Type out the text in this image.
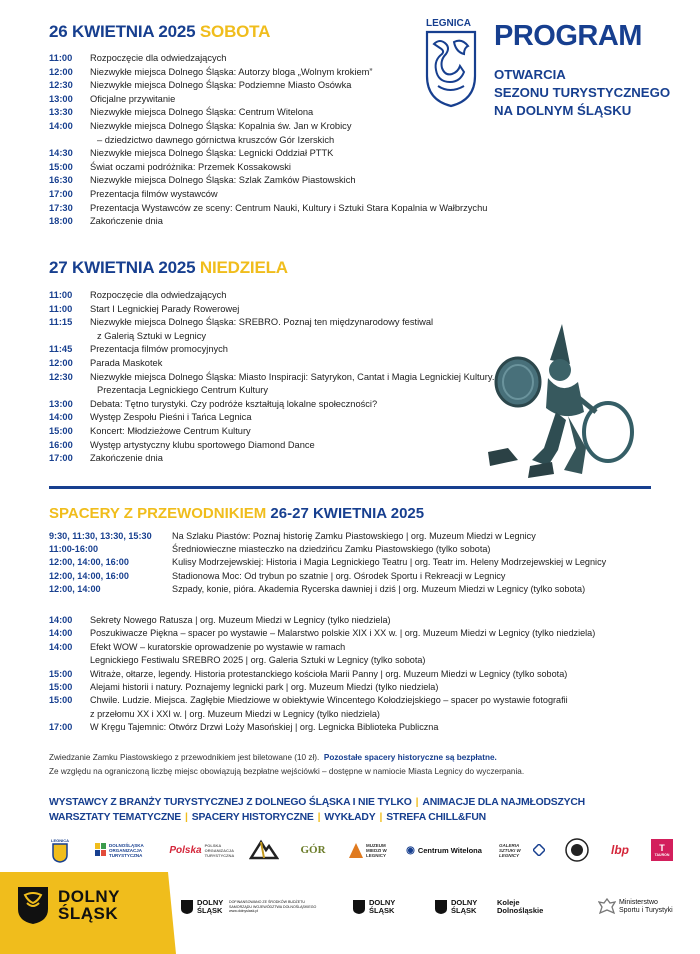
26 KWIETNIA 2025 SOBOTA	LEGNICA PROGRAM
OTWARCIA
SEZONU TURYSTYCZNEGO
NA DOLNYM ŚLĄSKU
11:00 Rozpoczęcie dla odwiedzających
12:00 Niezwykłe miejsca Dolnego Śląska: Autorzy bloga „Wolnym krokiem”
12:30 Niezwykłe miejsca Dolnego Śląska: Podziemne Miasto Osówka
13:00 Oficjalne przywitanie
13:30 Niezwykłe miejsca Dolnego Śląska: Centrum Witelona
14:00 Niezwykłe miejsca Dolnego Śląska: Kopalnia św. Jan w Krobicy
– dziedzictwo dawnego górnictwa kruszców Gór Izerskich
14:30 Niezwykłe miejsca Dolnego Śląska: Legnicki Oddział PTTK
15:00 Świat oczami podróżnika: Przemek Kossakowski
16:30 Niezwykłe miejsca Dolnego Śląska: Szlak Zamków Piastowskich
17:00 Prezentacja filmów wystawców
17:30 Prezentacja Wystawców ze sceny: Centrum Nauki, Kultury i Sztuki Stara Kopalnia w Wałbrzychu
18:00 Zakończenie dnia
27 KWIETNIA 2025 NIEDZIELA
11:00 Rozpoczęcie dla odwiedzających
11:00 Start I Legnickiej Parady Rowerowej
11:15 Niezwykłe miejsca Dolnego Śląska: SREBRO. Poznaj ten międzynarodowy festiwal
z Galerią Sztuki w Legnicy
11:45 Prezentacja filmów promocyjnych
12:00 Parada Maskotek
12:30 Niezwykłe miejsca Dolnego Śląska: Miasto Inspiracji: Satyrykon, Cantat i Magia Legnickiej Kultury.
Prezentacja Legnickiego Centrum Kultury
13:00 Debata: Tętno turystyki. Czy podróże kształtują lokalne społeczności?
14:00 Występ Zespołu Pieśni i Tańca Legnica
15:00 Koncert: Młodzieżowe Centrum Kultury
16:00 Występ artystyczny klubu sportowego Diamond Dance
17:00 Zakończenie dnia
SPACERY Z PRZEWODNIKIEM 26-27 KWIETNIA 2025
9:30, 11:30, 13:30, 15:30 Na Szlaku Piastów: Poznaj historię Zamku Piastowskiego | org. Muzeum Miedzi w Legnicy
11:00-16:00	Średniowieczne miasteczko na dziedzińcu Zamku Piastowskiego (tylko sobota)
12:00, 14:00, 16:00	Kulisy Modrzejewskiej: Historia i Magia Legnickiego Teatru | org. Teatr im. Heleny Modrzejewskiej w Legnicy
12:00, 14:00, 16:00	Stadionowa Moc: Od trybun po szatnie | org. Ośrodek Sportu i Rekreacji w Legnicy
12:00, 14:00	Szpady, konie, pióra. Akademia Rycerska dawniej i dziś | org. Muzeum Miedzi w Legnicy (tylko sobota)
14:00 Sekrety Nowego Ratusza | org. Muzeum Miedzi w Legnicy (tylko niedziela)
14:00 Poszukiwacze Piękna – spacer po wystawie – Malarstwo polskie XIX i XX w. | org. Muzeum Miedzi w Legnicy (tylko niedziela)
14:00 Efekt WOW – kuratorskie oprowadzenie po wystawie w ramach
Legnickiego Festiwalu SREBRO 2025 | org. Galeria Sztuki w Legnicy (tylko sobota)
15:00 Witraże, ołtarze, legendy. Historia protestanckiego kościoła Marii Panny | org. Muzeum Miedzi w Legnicy (tylko sobota)
15:00 Alejami historii i natury. Poznajemy legnicki park | org. Muzeum Miedzi (tylko niedziela)
15:00 Chwile. Ludzie. Miejsca. Zagłębie Miedziowe w obiektywie Wincentego Kołodziejskiego – spacer po wystawie fotografii
z przełomu XX i XXI w. | org. Muzeum Miedzi w Legnicy (tylko niedziela)
17:00 W Kręgu Tajemnic: Otwórz Drzwi Loży Masońskiej | org. Legnicka Biblioteka Publiczna
Zwiedzanie Zamku Piastowskiego z przewodnikiem jest biletowane (10 zł). Pozostałe spacery historyczne są bezpłatne.
Ze względu na ograniczoną liczbę miejsc obowiązują bezpłatne wejściówki – dostępne w namiocie Miasta Legnicy do wyczerpania.
WYSTAWCY Z BRANŻY TURYSTYCZNEJ Z DOLNEGO ŚLĄSKA I NIE TYLKO | ANIMACJE DLA NAJMŁODSZYCH
WARSZTATY TEMATYCZNE | SPACERY HISTORYCZNE | WYKŁADY | STREFA CHILL&FUN
LEGNICA
DOLNOŚLĄSKA ORGANIZACJA TURYSTYCZNA	Polska POLSKA ORGANIZACJA TURYSTYCZNA	GÓR	MUZEUM MIEDZI W LEGNICY	◉ Centrum Witelona
GALERIA SZTUKI W LEGNICY	lbp	T
TAURON
DOLNY
ŚLĄSK
DOLNY ŚLĄSK
DOFINANSOWANO ZE ŚRODKÓW BUDŻETU SAMORZĄDU WOJEWÓDZTWA DOLNOŚLĄSKIEGO
www.dolnyslask.pl
DOLNY ŚLĄSK
DOLNY ŚLĄSK
Koleje
Dolnośląskie
Ministerstwo
Sportu i Turystyki
